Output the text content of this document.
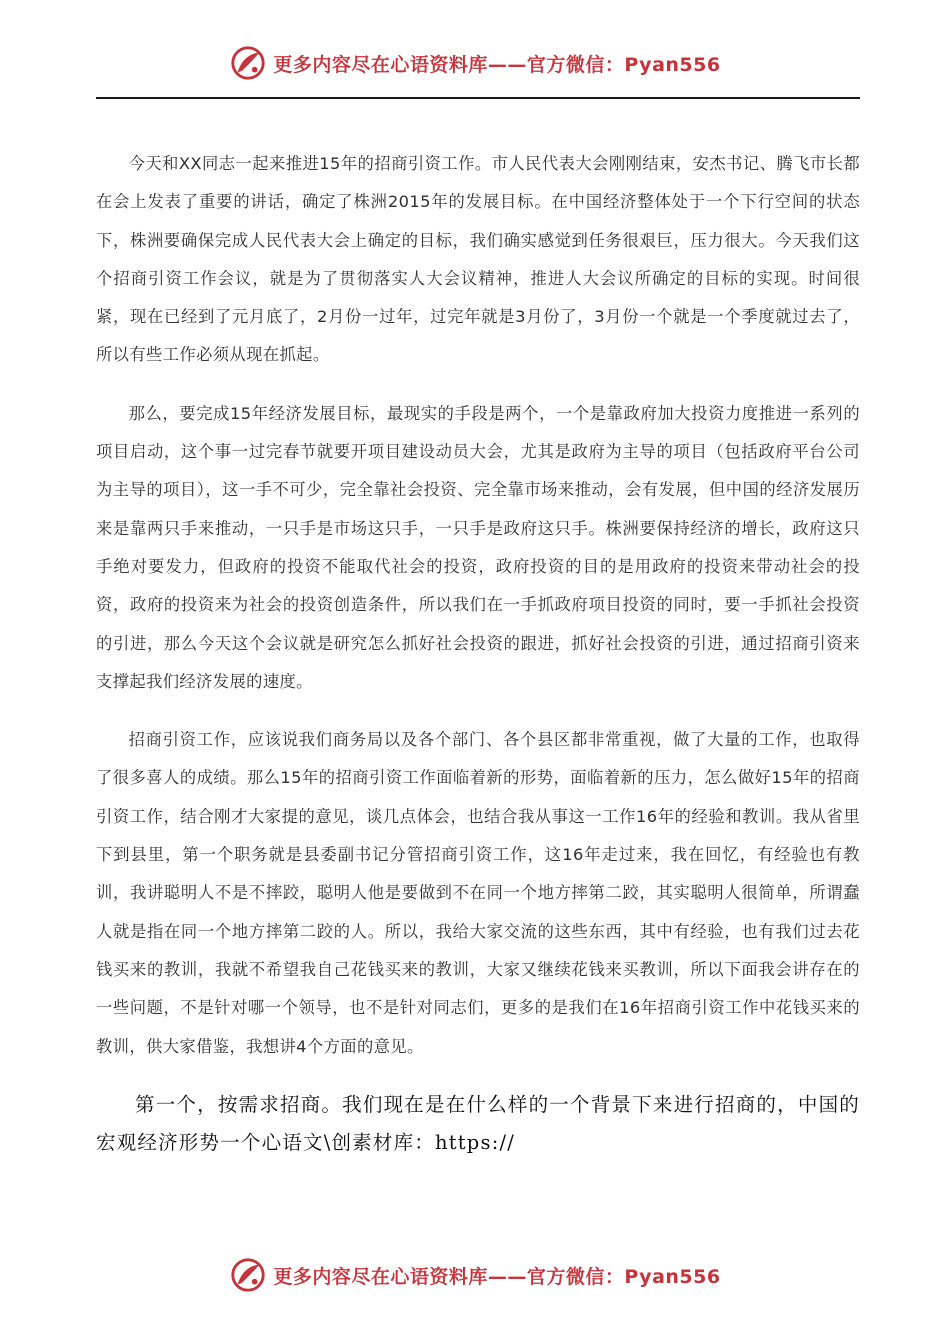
更多内容尽在心语资料库——官方微信：Pyan556

今天和XX同志一起来推进15年的招商引资工作。市人民代表大会刚刚结束，安杰书记、腾飞市长都在会上发表了重要的讲话，确定了株洲2015年的发展目标。在中国经济整体处于一个下行空间的状态下，株洲要确保完成人民代表大会上确定的目标，我们确实感觉到任务很艰巨，压力很大。今天我们这个招商引资工作会议，就是为了贯彻落实人大会议精神，推进人大会议所确定的目标的实现。时间很紧，现在已经到了元月底了，2月份一过年，过完年就是3月份了，3月份一个就是一个季度就过去了，所以有些工作必须从现在抓起。

那么，要完成15年经济发展目标，最现实的手段是两个，一个是靠政府加大投资力度推进一系列的项目启动，这个事一过完春节就要开项目建设动员大会，尤其是政府为主导的项目（包括政府平台公司为主导的项目），这一手不可少，完全靠社会投资、完全靠市场来推动，会有发展，但中国的经济发展历来是靠两只手来推动，一只手是市场这只手，一只手是政府这只手。株洲要保持经济的增长，政府这只手绝对要发力，但政府的投资不能取代社会的投资，政府投资的目的是用政府的投资来带动社会的投资，政府的投资来为社会的投资创造条件，所以我们在一手抓政府项目投资的同时，要一手抓社会投资的引进，那么今天这个会议就是研究怎么抓好社会投资的跟进，抓好社会投资的引进，通过招商引资来支撑起我们经济发展的速度。

招商引资工作，应该说我们商务局以及各个部门、各个县区都非常重视，做了大量的工作，也取得了很多喜人的成绩。那么15年的招商引资工作面临着新的形势，面临着新的压力，怎么做好15年的招商引资工作，结合刚才大家提的意见，谈几点体会，也结合我从事这一工作16年的经验和教训。我从省里下到县里，第一个职务就是县委副书记分管招商引资工作，这16年走过来，我在回忆，有经验也有教训，我讲聪明人不是不摔跤，聪明人他是要做到不在同一个地方摔第二跤，其实聪明人很简单，所谓蠢人就是指在同一个地方摔第二跤的人。所以，我给大家交流的这些东西，其中有经验，也有我们过去花钱买来的教训，我就不希望我自己花钱买来的教训，大家又继续花钱来买教训，所以下面我会讲存在的一些问题，不是针对哪一个领导，也不是针对同志们，更多的是我们在16年招商引资工作中花钱买来的教训，供大家借鉴，我想讲4个方面的意见。

第一个，按需求招商。我们现在是在什么样的一个背景下来进行招商的，中国的宏观经济形势一个心语文\创素材库：https://

更多内容尽在心语资料库——官方微信：Pyan556
